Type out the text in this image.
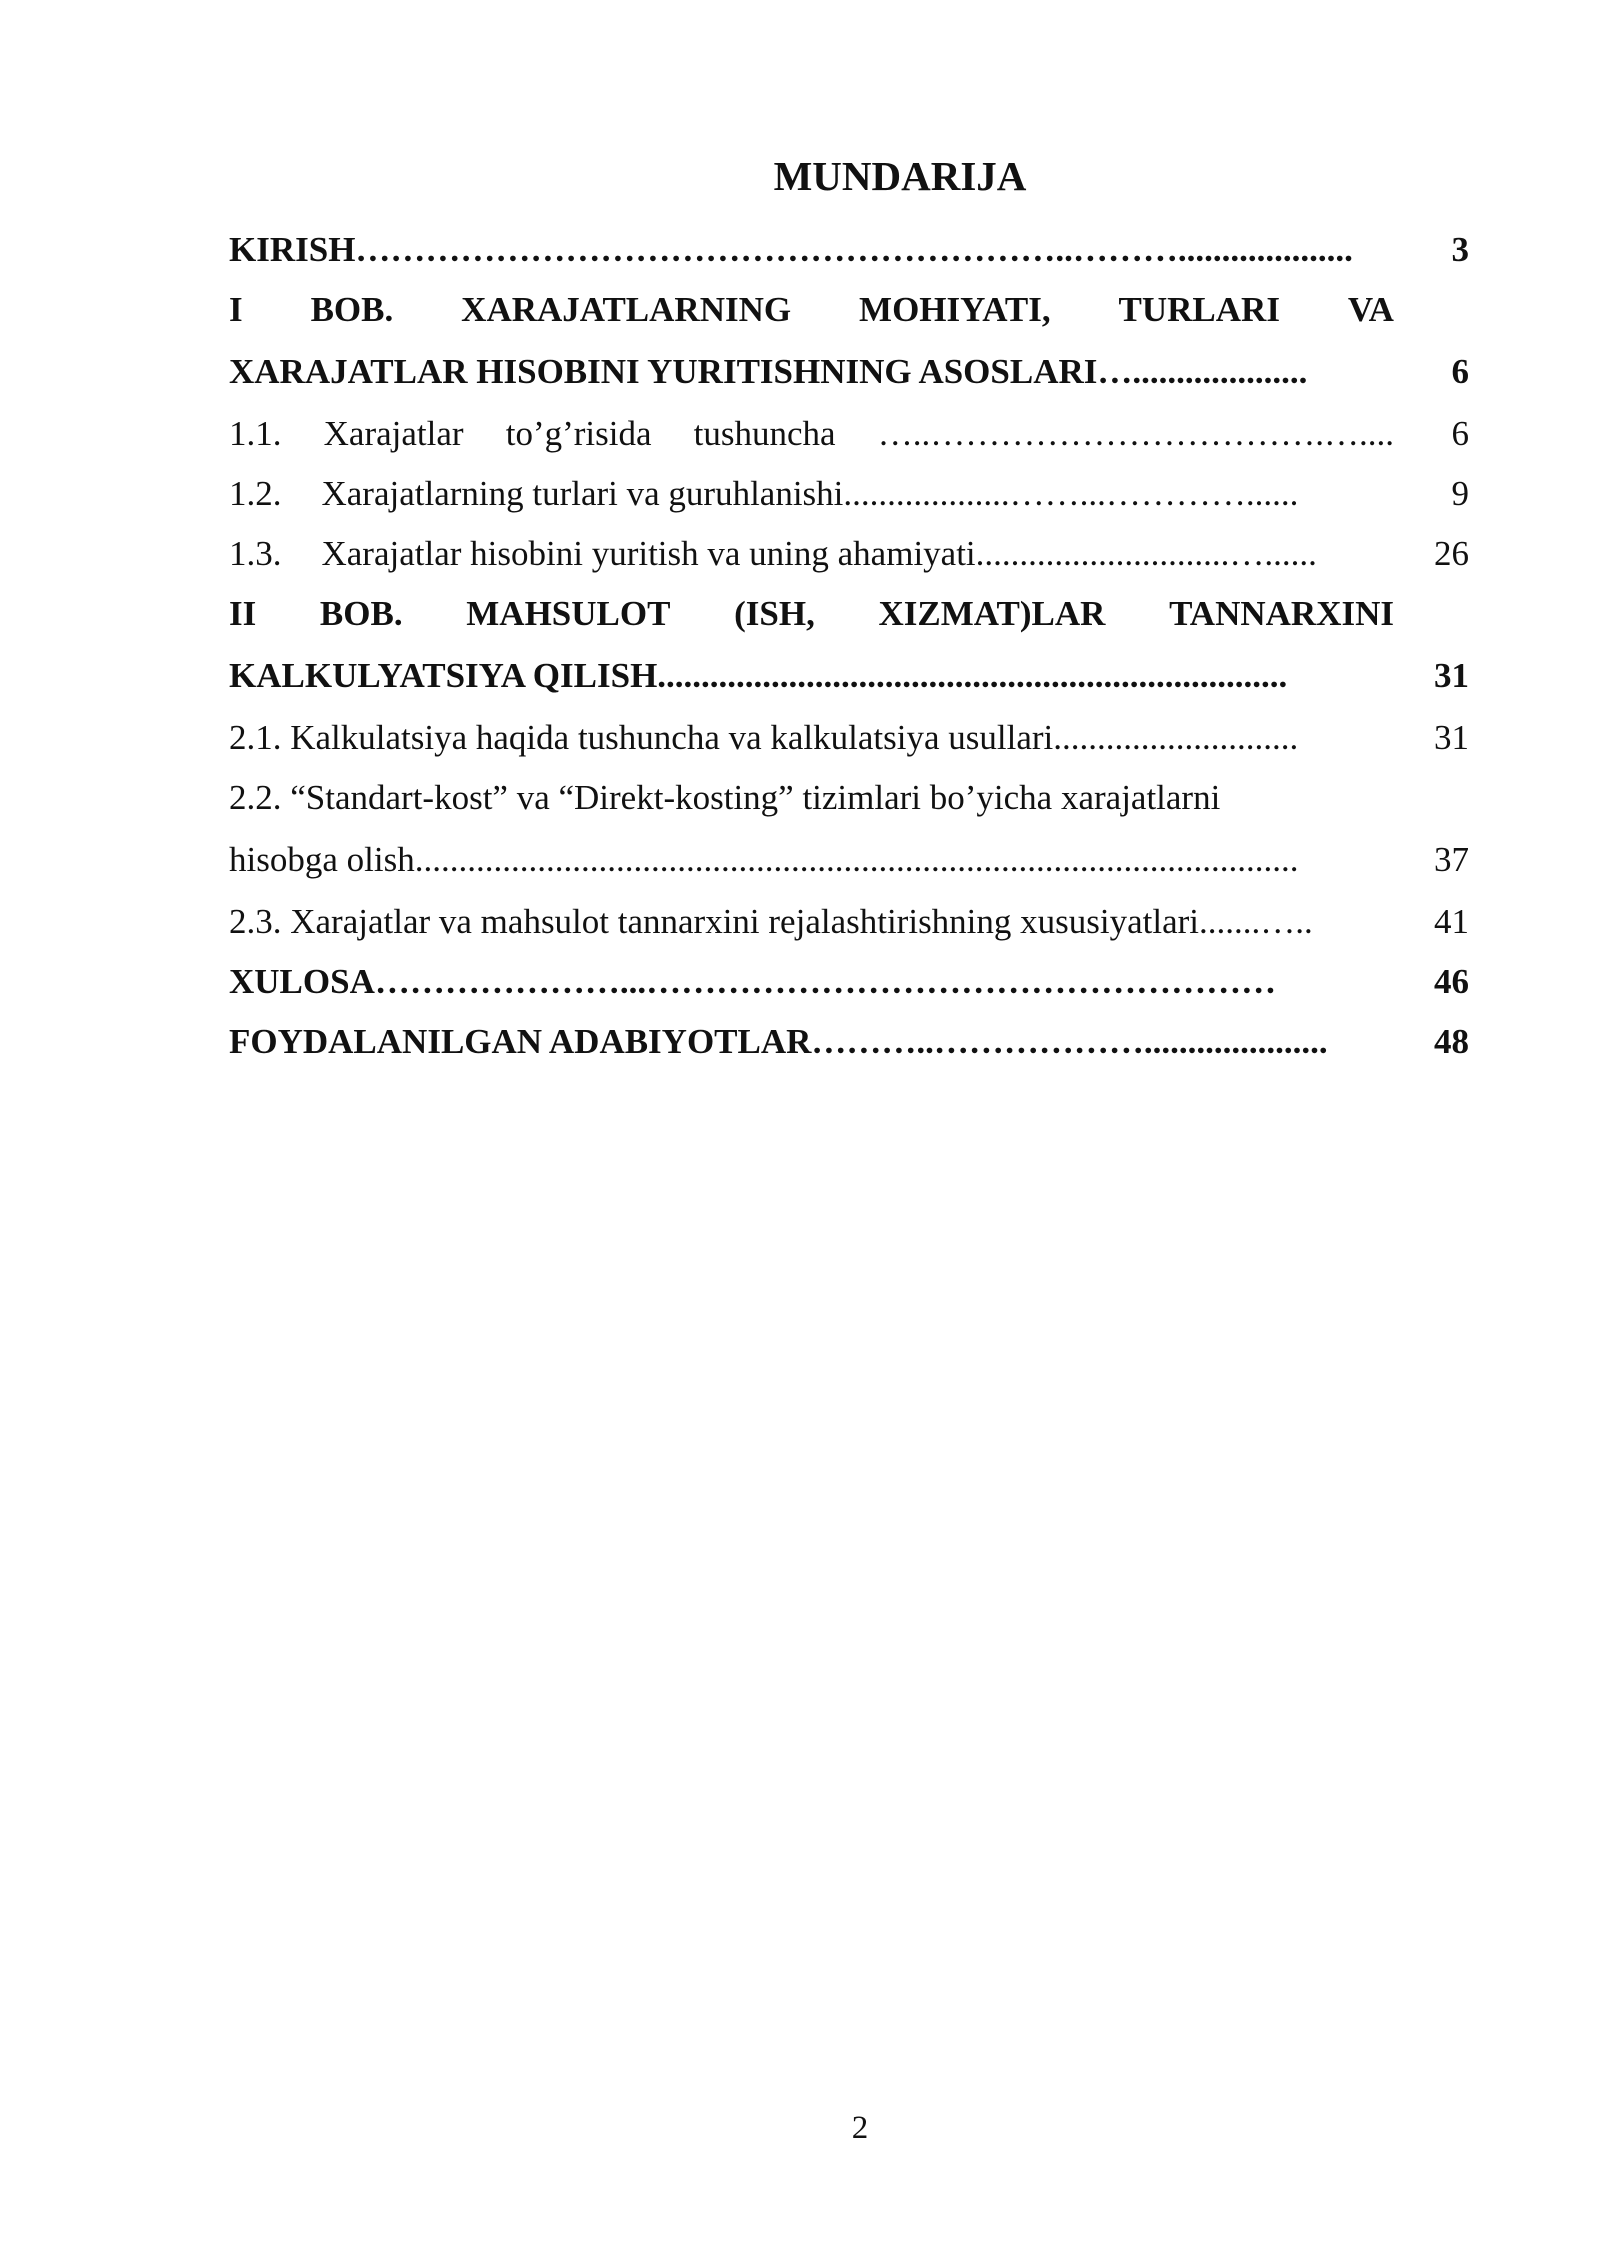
MUNDARIJA
KIRISH……………………………………………………..………....................	3
I BOB. XARAJATLARNING MOHIYATI, TURLARI VA
XARAJATLAR HISOBINI YURITISHNING ASOSLARI…....................	6
1.1. Xarajatlar to’g’risida tushuncha …..…………………………….…....	6
1.2. Xarajatlarning turlari va guruhlanishi...................……...…………......	9
1.3. Xarajatlar hisobini yuritish va uning ahamiyati.............................…......	26
II BOB. MAHSULOT (ISH, XIZMAT)LAR TANNARXINI
KALKULYATSIYA QILISH........................................................................	31
2.1. Kalkulatsiya haqida tushuncha va kalkulatsiya usullari............................	31
2.2. “Standart-kost” va “Direkt-kosting” tizimlari bo’yicha xarajatlarni
hisobga olish.....................................................................................................	37
2.3. Xarajatlar va mahsulot tannarxini rejalashtirishning xususiyatlari.......…..	41
XULOSA…………………...………………………………………………	46
FOYDALANILGAN ADABIYOTLAR………..……………….....................	48
2
